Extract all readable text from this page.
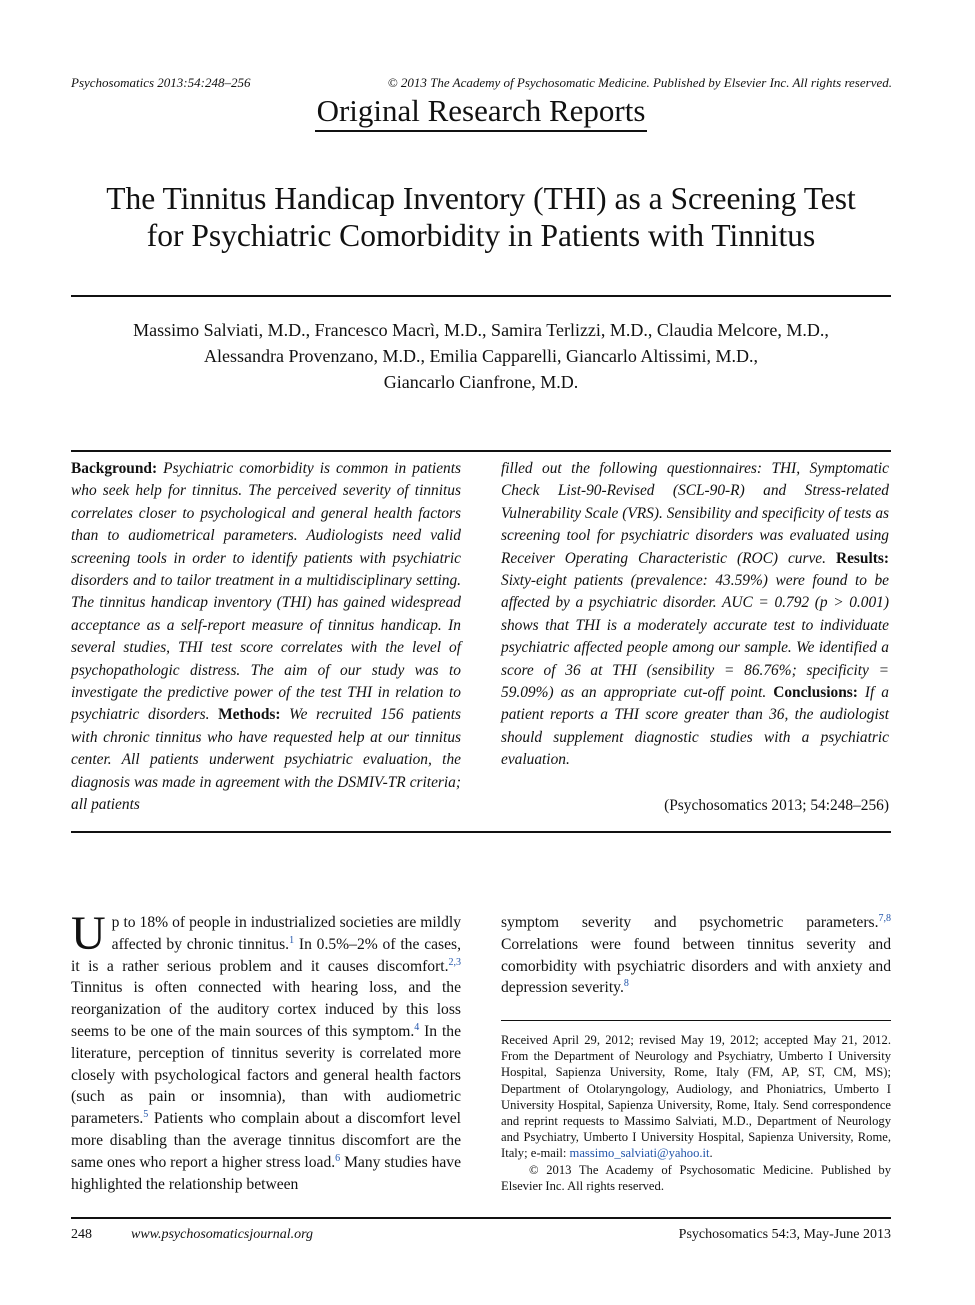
Psychosomatics 2013:54:248–256	© 2013 The Academy of Psychosomatic Medicine. Published by Elsevier Inc. All rights reserved.
Original Research Reports
The Tinnitus Handicap Inventory (THI) as a Screening Test
for Psychiatric Comorbidity in Patients with Tinnitus
Massimo Salviati, M.D., Francesco Macrì, M.D., Samira Terlizzi, M.D., Claudia Melcore, M.D.,
Alessandra Provenzano, M.D., Emilia Capparelli, Giancarlo Altissimi, M.D.,
Giancarlo Cianfrone, M.D.
Background: Psychiatric comorbidity is common in patients who seek help for tinnitus. The perceived severity of tinnitus correlates closer to psychological and general health factors than to audiometrical parameters. Audiologists need valid screening tools in order to identify patients with psychiatric disorders and to tailor treatment in a multidisciplinary setting. The tinnitus handicap inventory (THI) has gained widespread acceptance as a self-report measure of tinnitus handicap. In several studies, THI test score correlates with the level of psychopathologic distress. The aim of our study was to investigate the predictive power of the test THI in relation to psychiatric disorders. Methods: We recruited 156 patients with chronic tinnitus who have requested help at our tinnitus center. All patients underwent psychiatric evaluation, the diagnosis was made in agreement with the DSMIV-TR criteria; all patients
filled out the following questionnaires: THI, Symptomatic Check List-90-Revised (SCL-90-R) and Stress-related Vulnerability Scale (VRS). Sensibility and specificity of tests as screening tool for psychiatric disorders was evaluated using Receiver Operating Characteristic (ROC) curve. Results: Sixty-eight patients (prevalence: 43.59%) were found to be affected by a psychiatric disorder. AUC = 0.792 (p > 0.001) shows that THI is a moderately accurate test to individuate psychiatric affected people among our sample. We identified a score of 36 at THI (sensibility = 86.76%; specificity = 59.09%) as an appropriate cut-off point. Conclusions: If a patient reports a THI score greater than 36, the audiologist should supplement diagnostic studies with a psychiatric evaluation.
(Psychosomatics 2013; 54:248–256)
Up to 18% of people in industrialized societies are mildly affected by chronic tinnitus.$^1$ In 0.5%–2% of the cases, it is a rather serious problem and it causes discomfort.$^{2,3}$ Tinnitus is often connected with hearing loss, and the reorganization of the auditory cortex induced by this loss seems to be one of the main sources of this symptom.$^4$ In the literature, perception of tinnitus severity is correlated more closely with psychological factors and general health factors (such as pain or insomnia), than with audiometric parameters.$^5$ Patients who complain about a discomfort level more disabling than the average tinnitus discomfort are the same ones who report a higher stress load.$^6$ Many studies have highlighted the relationship between
symptom severity and psychometric parameters.$^{7,8}$ Correlations were found between tinnitus severity and comorbidity with psychiatric disorders and with anxiety and depression severity.$^8$
Received April 29, 2012; revised May 19, 2012; accepted May 21, 2012. From the Department of Neurology and Psychiatry, Umberto I University Hospital, Sapienza University, Rome, Italy (FM, AP, ST, CM, MS); Department of Otolaryngology, Audiology, and Phoniatrics, Umberto I University Hospital, Sapienza University, Rome, Italy. Send correspondence and reprint requests to Massimo Salviati, M.D., Department of Neurology and Psychiatry, Umberto I University Hospital, Sapienza University, Rome, Italy; e-mail: massimo_salviati@yahoo.it.
© 2013 The Academy of Psychosomatic Medicine. Published by Elsevier Inc. All rights reserved.
248	www.psychosomaticsjournal.org	Psychosomatics 54:3, May-June 2013
